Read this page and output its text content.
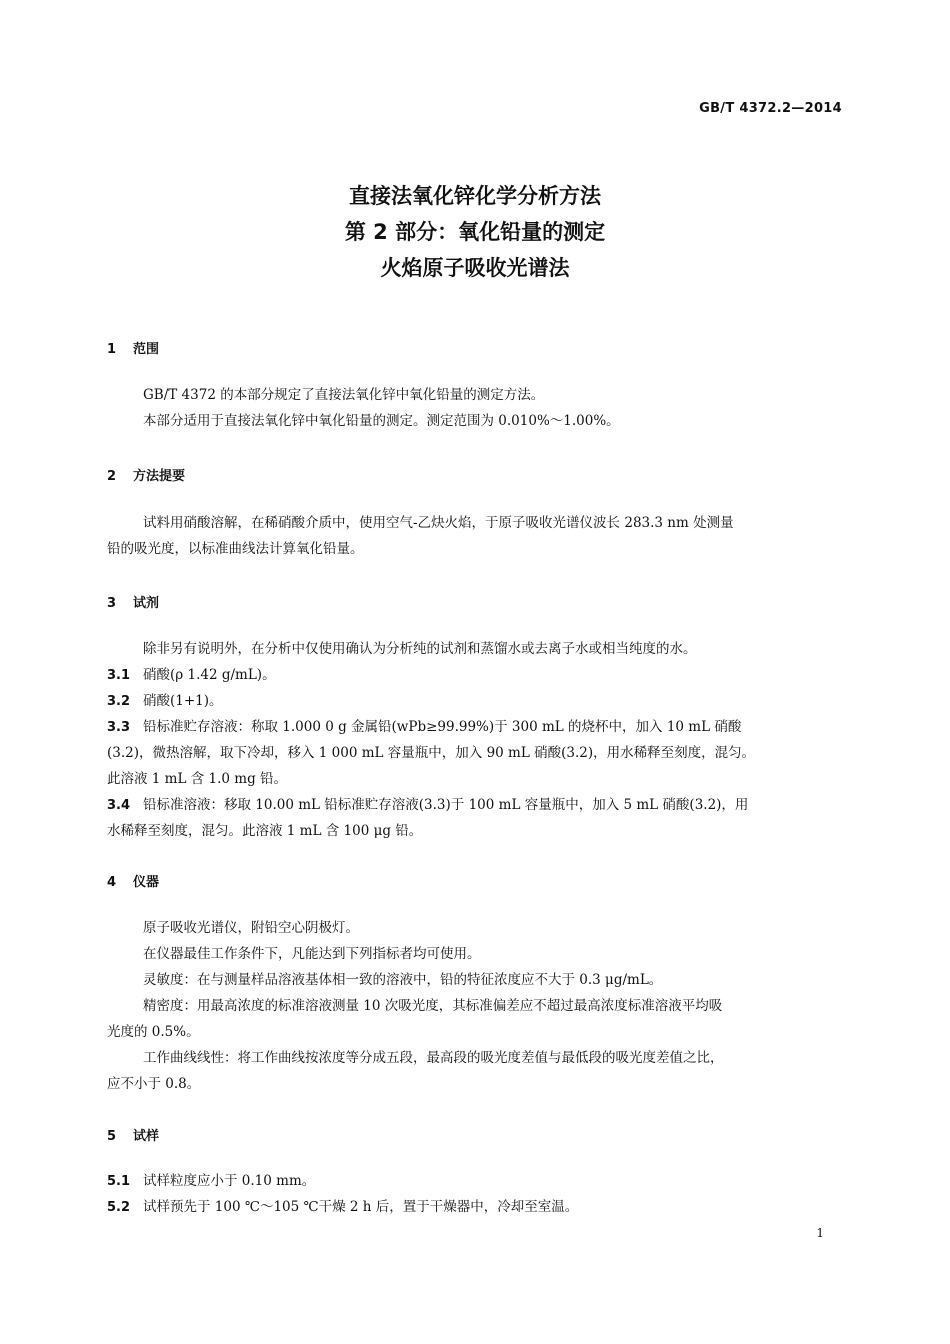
GB/T 4372.2—2014
直接法氧化锌化学分析方法
第 2 部分：氧化铅量的测定
火焰原子吸收光谱法
1 范围
GB/T 4372 的本部分规定了直接法氧化锌中氧化铅量的测定方法。
本部分适用于直接法氧化锌中氧化铅量的测定。测定范围为 0.010%～1.00%。
2 方法提要
试料用硝酸溶解，在稀硝酸介质中，使用空气-乙炔火焰，于原子吸收光谱仪波长 283.3 nm 处测量
铅的吸光度，以标准曲线法计算氧化铅量。
3 试剂
除非另有说明外，在分析中仅使用确认为分析纯的试剂和蒸馏水或去离子水或相当纯度的水。
3.1 硝酸(ρ 1.42 g/mL)。
3.2 硝酸(1+1)。
3.3 铅标准贮存溶液：称取 1.000 0 g 金属铅(wPb≥99.99%)于 300 mL 的烧杯中，加入 10 mL 硝酸
(3.2)，微热溶解，取下冷却，移入 1 000 mL 容量瓶中，加入 90 mL 硝酸(3.2)，用水稀释至刻度，混匀。
此溶液 1 mL 含 1.0 mg 铅。
3.4 铅标准溶液：移取 10.00 mL 铅标准贮存溶液(3.3)于 100 mL 容量瓶中，加入 5 mL 硝酸(3.2)，用
水稀释至刻度，混匀。此溶液 1 mL 含 100 μg 铅。
4 仪器
原子吸收光谱仪，附铅空心阴极灯。
在仪器最佳工作条件下，凡能达到下列指标者均可使用。
灵敏度：在与测量样品溶液基体相一致的溶液中，铅的特征浓度应不大于 0.3 μg/mL。
精密度：用最高浓度的标准溶液测量 10 次吸光度，其标准偏差应不超过最高浓度标准溶液平均吸
光度的 0.5%。
工作曲线线性：将工作曲线按浓度等分成五段，最高段的吸光度差值与最低段的吸光度差值之比，
应不小于 0.8。
5 试样
5.1 试样粒度应小于 0.10 mm。
5.2 试样预先于 100 ℃～105 ℃干燥 2 h 后，置于干燥器中，冷却至室温。
1
